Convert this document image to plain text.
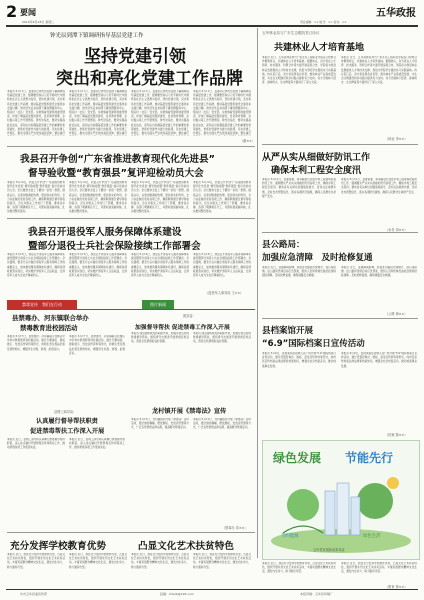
2 要闻
2019年6月18日 星期二	责任编辑：×× 版式：×× 校对：××
五华政报
钟光辰到潭下镇调研指导基层党建工作
坚持党建引领
突出和亮化党建工作品牌
本报讯 6月11日，县委书记钟光辰到潭下镇调研指导基层党建工作，强调要坚持以习近平新时代中国特色社会主义思想为指导，坚持党建引领，突出和亮化党建工作品牌，推动基层党组织建设全面进步全面过硬。钟光辰先后来到潭下镇党群服务中心、相关村（社区）党支部，实地察看党建阵地建设情况，详细了解基层党组织建设、党员教育管理、乡村振兴等工作开展情况。钟光辰指出，要切实提高政治站位，深刻认识加强基层党建工作的重要性和紧迫性，把抓好党建作为最大的政绩，压实党建工作责任，推动全面从严治党向基层延伸。要注重打
本报讯 6月11日，县委书记钟光辰到潭下镇调研指导基层党建工作，强调要坚持以习近平新时代中国特色社会主义思想为指导，坚持党建引领，突出和亮化党建工作品牌，推动基层党组织建设全面进步全面过硬。钟光辰先后来到潭下镇党群服务中心、相关村（社区）党支部，实地察看党建阵地建设情况，详细了解基层党组织建设、党员教育管理、乡村振兴等工作开展情况。钟光辰指出，要切实提高政治站位，深刻认识加强基层党建工作的重要性和紧迫性，把抓好党建作为最大的政绩，压实党建工作责任，推动全面从严治党向基层延伸。要注重打
本报讯 6月11日，县委书记钟光辰到潭下镇调研指导基层党建工作，强调要坚持以习近平新时代中国特色社会主义思想为指导，坚持党建引领，突出和亮化党建工作品牌，推动基层党组织建设全面进步全面过硬。钟光辰先后来到潭下镇党群服务中心、相关村（社区）党支部，实地察看党建阵地建设情况，详细了解基层党组织建设、党员教育管理、乡村振兴等工作开展情况。钟光辰指出，要切实提高政治站位，深刻认识加强基层党建工作的重要性和紧迫性，把抓好党建作为最大的政绩，压实党建工作责任，推动全面从严治党向基层延伸。要注重打
本报讯 6月11日，县委书记钟光辰到潭下镇调研指导基层党建工作，强调要坚持以习近平新时代中国特色社会主义思想为指导，坚持党建引领，突出和亮化党建工作品牌，推动基层党组织建设全面进步全面过硬。钟光辰先后来到潭下镇党群服务中心、相关村（社区）党支部，实地察看党建阵地建设情况，详细了解基层党组织建设、党员教育管理、乡村振兴等工作开展情况。钟光辰指出，要切实提高政治站位，深刻认识加强基层党建工作的重要性和紧迫性，把抓好党建作为最大的政绩，压实党建工作责任，推动全面从严治党向基层延伸。要注重打
（谢××）
五华林业局与广东生态眼院签订协议
共建林业人才培育基地
本报讯 近日，五华县林业局与广东生态工程职业学院签订校地合作框架协议，共建林业人才培育基地。根据协议，双方将在人才培养、技术服务、科研合作等方面开展深度合作，学院将为我县林业发展提供人才和技术支撑，我县为学院学生提供实习实践基地。协议签订后，双方将发挥各自优势，推动林业产业高质量发展，为生态文明建设和乡村振兴提供有力支持。双方还就林下经济、森林防火、生态修复等方面进行了深入交流。
本报讯 近日，五华县林业局与广东生态工程职业学院签订校地合作框架协议，共建林业人才培育基地。根据协议，双方将在人才培养、技术服务、科研合作等方面开展深度合作，学院将为我县林业发展提供人才和技术支撑，我县为学院学生提供实习实践基地。协议签订后，双方将发挥各自优势，推动林业产业高质量发展，为生态文明建设和乡村振兴提供有力支持。双方还就林下经济、森林防火、生态修复等方面进行了深入交流。
（林业 李××）
我县召开争创“广东省推进教育现代化先进县”
督导验收暨“教育强县”复评迎检动员大会
本报讯 6月14日，我县召开争创“广东省推进教育现代化先进县”督导验收暨“教育强县”复评迎检动员大会。会议要求全县上下要进一步统一思想，提高认识，以更加饱满的热情、更加务实的作风，全力以赴做好迎检各项工作，确保顺利通过督导验收和复评。会议对相关工作进行了部署，要求各乡镇、各部门明确责任分工，对照标准查漏补缺，扎实推进整改落实。
本报讯 6月14日，我县召开争创“广东省推进教育现代化先进县”督导验收暨“教育强县”复评迎检动员大会。会议要求全县上下要进一步统一思想，提高认识，以更加饱满的热情、更加务实的作风，全力以赴做好迎检各项工作，确保顺利通过督导验收和复评。会议对相关工作进行了部署，要求各乡镇、各部门明确责任分工，对照标准查漏补缺，扎实推进整改落实。
本报讯 6月14日，我县召开争创“广东省推进教育现代化先进县”督导验收暨“教育强县”复评迎检动员大会。会议要求全县上下要进一步统一思想，提高认识，以更加饱满的热情、更加务实的作风，全力以赴做好迎检各项工作，确保顺利通过督导验收和复评。会议对相关工作进行了部署，要求各乡镇、各部门明确责任分工，对照标准查漏补缺，扎实推进整改落实。
本报讯 6月14日，我县召开争创“广东省推进教育现代化先进县”督导验收暨“教育强县”复评迎检动员大会。会议要求全县上下要进一步统一思想，提高认识，以更加饱满的热情、更加务实的作风，全力以赴做好迎检各项工作，确保顺利通过督导验收和复评。会议对相关工作进行了部署，要求各乡镇、各部门明确责任分工，对照标准查漏补缺，扎实推进整改落实。
从严从实从细做好防讯工作
确保本利工程安全度汛
本报讯 6月12日，县委常委、常务副县长到县水利工程现场检查防汛工作，强调要从严从实从细做好防汛各项工作，确保水利工程安全度汛。要求各有关单位加强值班值守，密切关注雨情水情，及时发布预警信息，落实各项防范措施，确保人民群众生命财产安全。
本报讯 6月12日，县委常委、常务副县长到县水利工程现场检查防汛工作，强调要从严从实从细做好防汛各项工作，确保水利工程安全度汛。要求各有关单位加强值班值守，密切关注雨情水情，及时发布预警信息，落实各项防范措施，确保人民群众生命财产安全。
（水务 刘××）
我县召开退役军人服务保障体系建设
暨部分退役士兵社会保险接续工作部署会
本报讯 6月13日，我县召开退役军人服务保障体系建设暨部分退役士兵社会保险接续工作部署会。会议强调，要充分认识做好退役军人服务保障工作的重要意义，加快推进服务保障体系建设，确保各项政策落实到位，切实维护退役军人合法权益，让退役军人成为全社会尊重的人。
本报讯 6月13日，我县召开退役军人服务保障体系建设暨部分退役士兵社会保险接续工作部署会。会议强调，要充分认识做好退役军人服务保障工作的重要意义，加快推进服务保障体系建设，确保各项政策落实到位，切实维护退役军人合法权益，让退役军人成为全社会尊重的人。
本报讯 6月13日，我县召开退役军人服务保障体系建设暨部分退役士兵社会保险接续工作部署会。会议强调，要充分认识做好退役军人服务保障工作的重要意义，加快推进服务保障体系建设，确保各项政策落实到位，切实维护退役军人合法权益，让退役军人成为全社会尊重的人。
本报讯 6月13日，我县召开退役军人服务保障体系建设暨部分退役士兵社会保险接续工作部署会。会议强调，要充分认识做好退役军人服务保障工作的重要意义，加快推进服务保障体系建设，确保各项政策落实到位，切实维护退役军人合法权益，让退役军人成为全社会尊重的人。
（退役军人事务局 王××）
县公路局：
加强应急清障　及时抢修复通
本报讯 近日，受强降雨影响，我县部分路段出现塌方、落石等险情。县公路局迅速启动应急预案，组织人员和机械设备赶赴现场抢险清障，及时抢修复通，确保道路安全畅通。
本报讯 近日，受强降雨影响，我县部分路段出现塌方、落石等险情。县公路局迅速启动应急预案，组织人员和机械设备赶赴现场抢险清障，及时抢修复通，确保道路安全畅通。
（公路 黄××）
禁毒宣传　我们在行动	图片新闻
县禁毒办、河东镇联合举办
禁毒教育进校园活动
本报讯 6月17日，县禁毒办、河东镇联合在辖区中学举办禁毒教育进校园活动，通过专题讲座、展板展示、发放宣传资料等形式，向师生普及毒品危害及预防知识，增强学生识毒、防毒、拒毒意识。
本报讯 6月17日，县禁毒办、河东镇联合在辖区中学举办禁毒教育进校园活动，通过专题讲座、展板展示、发放宣传资料等形式，向师生普及毒品危害及预防知识，增强学生识毒、防毒、拒毒意识。
县网工商导局：
认真履行督导帮扶职责
促进禁毒帮扶工作深入开展
本报讯 近日，县网工商导局认真履行禁毒督导帮扶职责，深入挂点镇村开展禁毒宣传和帮扶工作，推动禁毒各项工作落到实处。
本报讯 近日，县网工商导局认真履行禁毒督导帮扶职责，深入挂点镇村开展禁毒宣传和帮扶工作，推动禁毒各项工作落到实处。
团县委：
加强督导帮扶 促进禁毒工作深入开展
本报讯 团县委积极发挥职能作用，加强对挂点村的禁毒督导帮扶，组织青年志愿者开展禁毒宣传活动，营造全民禁毒的良好氛围。
本报讯 团县委积极发挥职能作用，加强对挂点村的禁毒督导帮扶，组织青年志愿者开展禁毒宣传活动，营造全民禁毒的良好氛围。
龙村镇开展《禁毒法》宣传
本报讯 6月15日，龙村镇组织开展《禁毒法》宣传活动，通过悬挂横幅、摆放展板、发放宣传册等方式，广泛宣传禁毒法律法规，提高群众禁毒意识。
本报讯 6月15日，龙村镇组织开展《禁毒法》宣传活动，通过悬挂横幅、摆放展板、发放宣传册等方式，广泛宣传禁毒法律法规，提高群众禁毒意识。
（禁毒办 邓××）
县档案馆开展
“6.9”国际档案日宣传活动
本报讯 6月9日，县档案馆在县城人民广场开展“6.9”国际档案日宣传活动，通过设置咨询台、展板、派发宣传资料等形式，向市民宣传档案法律法规和档案知识，增强全社会档案意识，推动档案事业发展。
本报讯 6月9日，县档案馆在县城人民广场开展“6.9”国际档案日宣传活动，通过设置咨询台、展板、派发宣传资料等形式，向市民宣传档案法律法规和档案知识，增强全社会档案意识，推动档案事业发展。
（档案 陈××）
绿色发展 节能先行
节约能源	绿色生活
五华县发展和改革局宣
充分发挥学校教育优势	凸显文化艺术扶贫特色
本报讯 近日，我县充分发挥学校教育优势，凸显文化艺术扶贫特色，组织开展系列文化艺术扶贫活动，丰富贫困群众精神文化生活，激发内生动力，助力脱贫攻坚。
本报讯 近日，我县充分发挥学校教育优势，凸显文化艺术扶贫特色，组织开展系列文化艺术扶贫活动，丰富贫困群众精神文化生活，激发内生动力，助力脱贫攻坚。
本报讯 近日，我县充分发挥学校教育优势，凸显文化艺术扶贫特色，组织开展系列文化艺术扶贫活动，丰富贫困群众精神文化生活，激发内生动力，助力脱贫攻坚。
本报讯 近日，我县充分发挥学校教育优势，凸显文化艺术扶贫特色，组织开展系列文化艺术扶贫活动，丰富贫困群众精神文化生活，激发内生动力，助力脱贫攻坚。
本报讯 近日，我县充分发挥学校教育优势，凸显文化艺术扶贫特色，组织开展系列文化艺术扶贫活动，丰富贫困群众精神文化生活，激发内生动力，助力脱贫攻坚。
本报讯 近日，我县充分发挥学校教育优势，凸显文化艺术扶贫特色，组织开展系列文化艺术扶贫活动，丰富贫困群众精神文化生活，激发内生动力，助力脱贫攻坚。
（教育 钟××）
中共五华县委宣传部	投稿：zhxzb@126.com	本报印刷：五华县印刷厂
